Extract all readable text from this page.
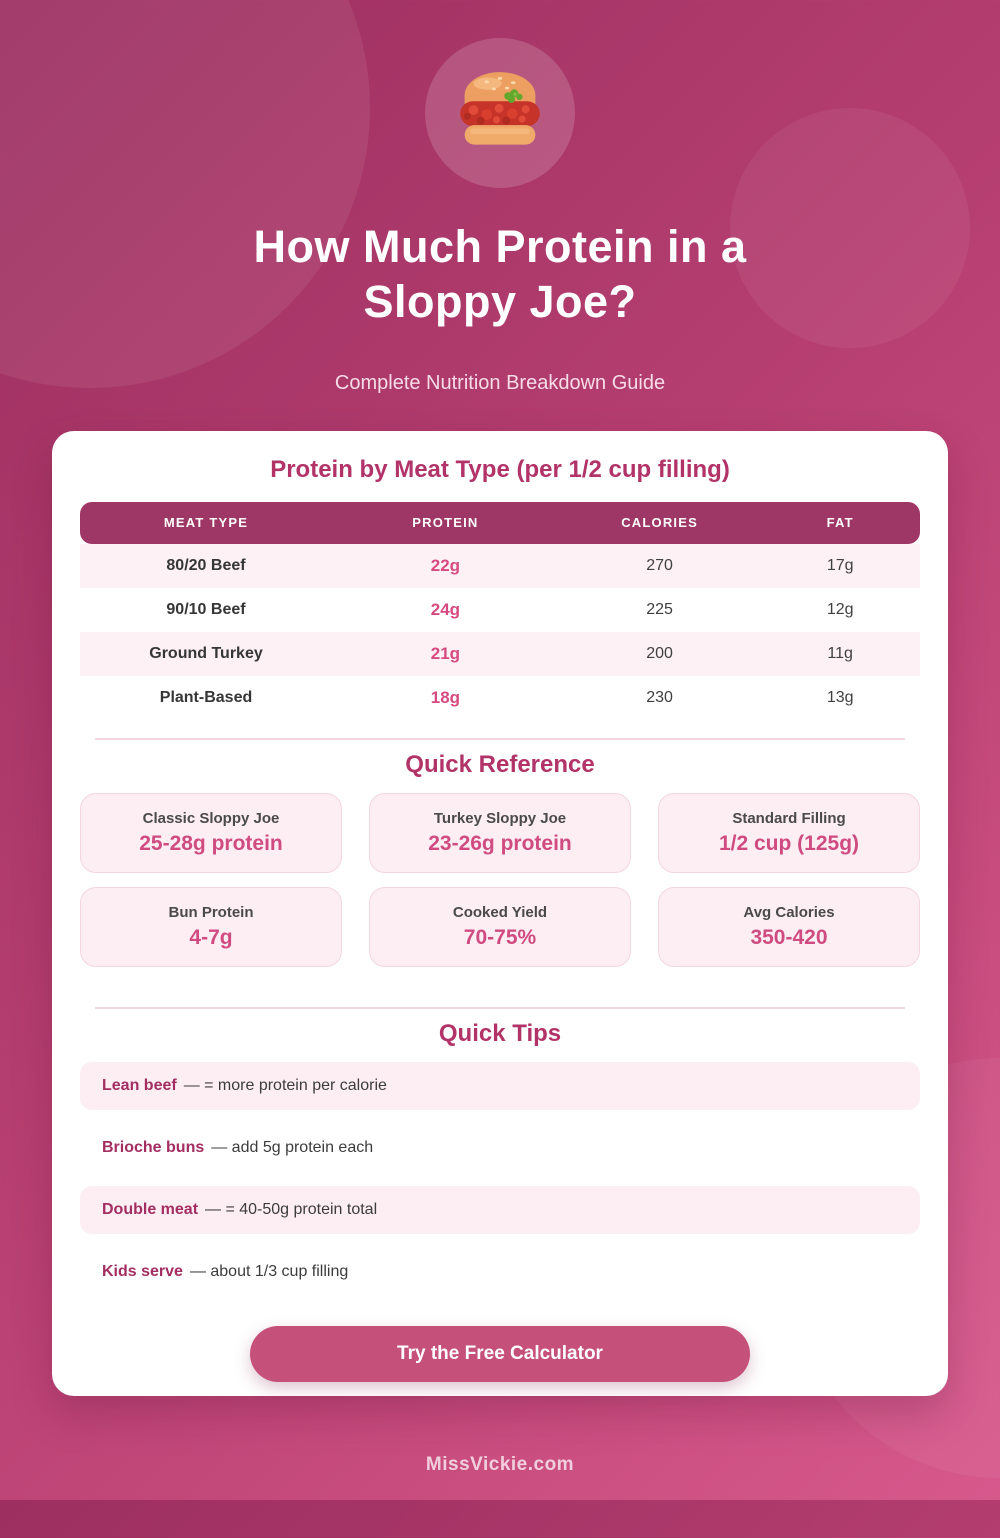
How Much Protein in a
Sloppy Joe?
Complete Nutrition Breakdown Guide
Protein by Meat Type (per 1/2 cup filling)
MEAT TYPE	PROTEIN	CALORIES	FAT
80/20 Beef	22g	270	17g
90/10 Beef	24g	225	12g
Ground Turkey	21g	200	11g
Plant-Based	18g	230	13g
Quick Reference
Classic Sloppy Joe
25-28g protein
Turkey Sloppy Joe
23-26g protein
Standard Filling
1/2 cup (125g)
Bun Protein
4-7g
Cooked Yield
70-75%
Avg Calories
350-420
Quick Tips
Lean beef — = more protein per calorie
Brioche buns — add 5g protein each
Double meat — = 40-50g protein total
Kids serve — about 1/3 cup filling
Try the Free Calculator
MissVickie.com
